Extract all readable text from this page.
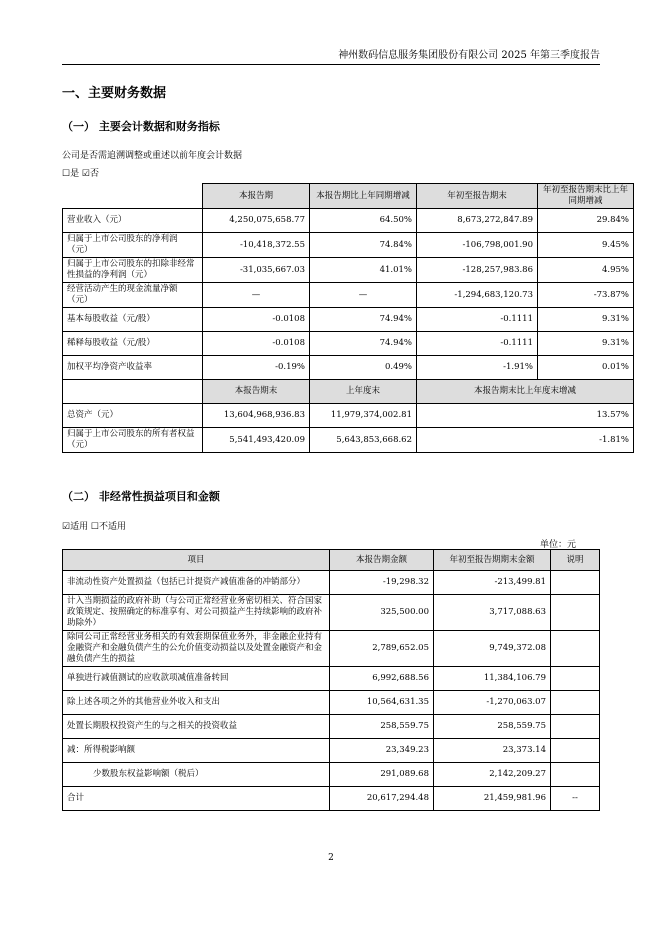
神州数码信息服务集团股份有限公司 2025 年第三季度报告
一、主要财务数据
（一） 主要会计数据和财务指标
公司是否需追溯调整或重述以前年度会计数据
☐是 ☑否
	本报告期	本报告期比上年同期增减	年初至报告期末	年初至报告期末比上年同期增减
营业收入（元）	4,250,075,658.77	64.50%	8,673,272,847.89	29.84%
归属于上市公司股东的净利润（元）	-10,418,372.55	74.84%	-106,798,001.90	9.45%
归属于上市公司股东的扣除非经常性损益的净利润（元）	-31,035,667.03	41.01%	-128,257,983.86	4.95%
经营活动产生的现金流量净额（元）	—	—	-1,294,683,120.73	-73.87%
基本每股收益（元/股）	-0.0108	74.94%	-0.1111	9.31%
稀释每股收益（元/股）	-0.0108	74.94%	-0.1111	9.31%
加权平均净资产收益率	-0.19%	0.49%	-1.91%	0.01%
	本报告期末	上年度末	本报告期末比上年度末增减	
总资产（元）	13,604,968,936.83	11,979,374,002.81	13.57%	
归属于上市公司股东的所有者权益（元）	5,541,493,420.09	5,643,853,668.62	-1.81%	
（二） 非经常性损益项目和金额
☑适用 ☐不适用
单位：元
项目	本报告期金额	年初至报告期期末金额	说明
非流动性资产处置损益（包括已计提资产减值准备的冲销部分）	-19,298.32	-213,499.81	
计入当期损益的政府补助（与公司正常经营业务密切相关、符合国家政策规定、按照确定的标准享有、对公司损益产生持续影响的政府补助除外）	325,500.00	3,717,088.63	
除同公司正常经营业务相关的有效套期保值业务外，非金融企业持有金融资产和金融负债产生的公允价值变动损益以及处置金融资产和金融负债产生的损益	2,789,652.05	9,749,372.08	
单独进行减值测试的应收款项减值准备转回	6,992,688.56	11,384,106.79	
除上述各项之外的其他营业外收入和支出	10,564,631.35	-1,270,063.07	
处置长期股权投资产生的与之相关的投资收益	258,559.75	258,559.75	
减：所得税影响额	23,349.23	23,373.14	
少数股东权益影响额（税后）	291,089.68	2,142,209.27	
合计	20,617,294.48	21,459,981.96	--
2
